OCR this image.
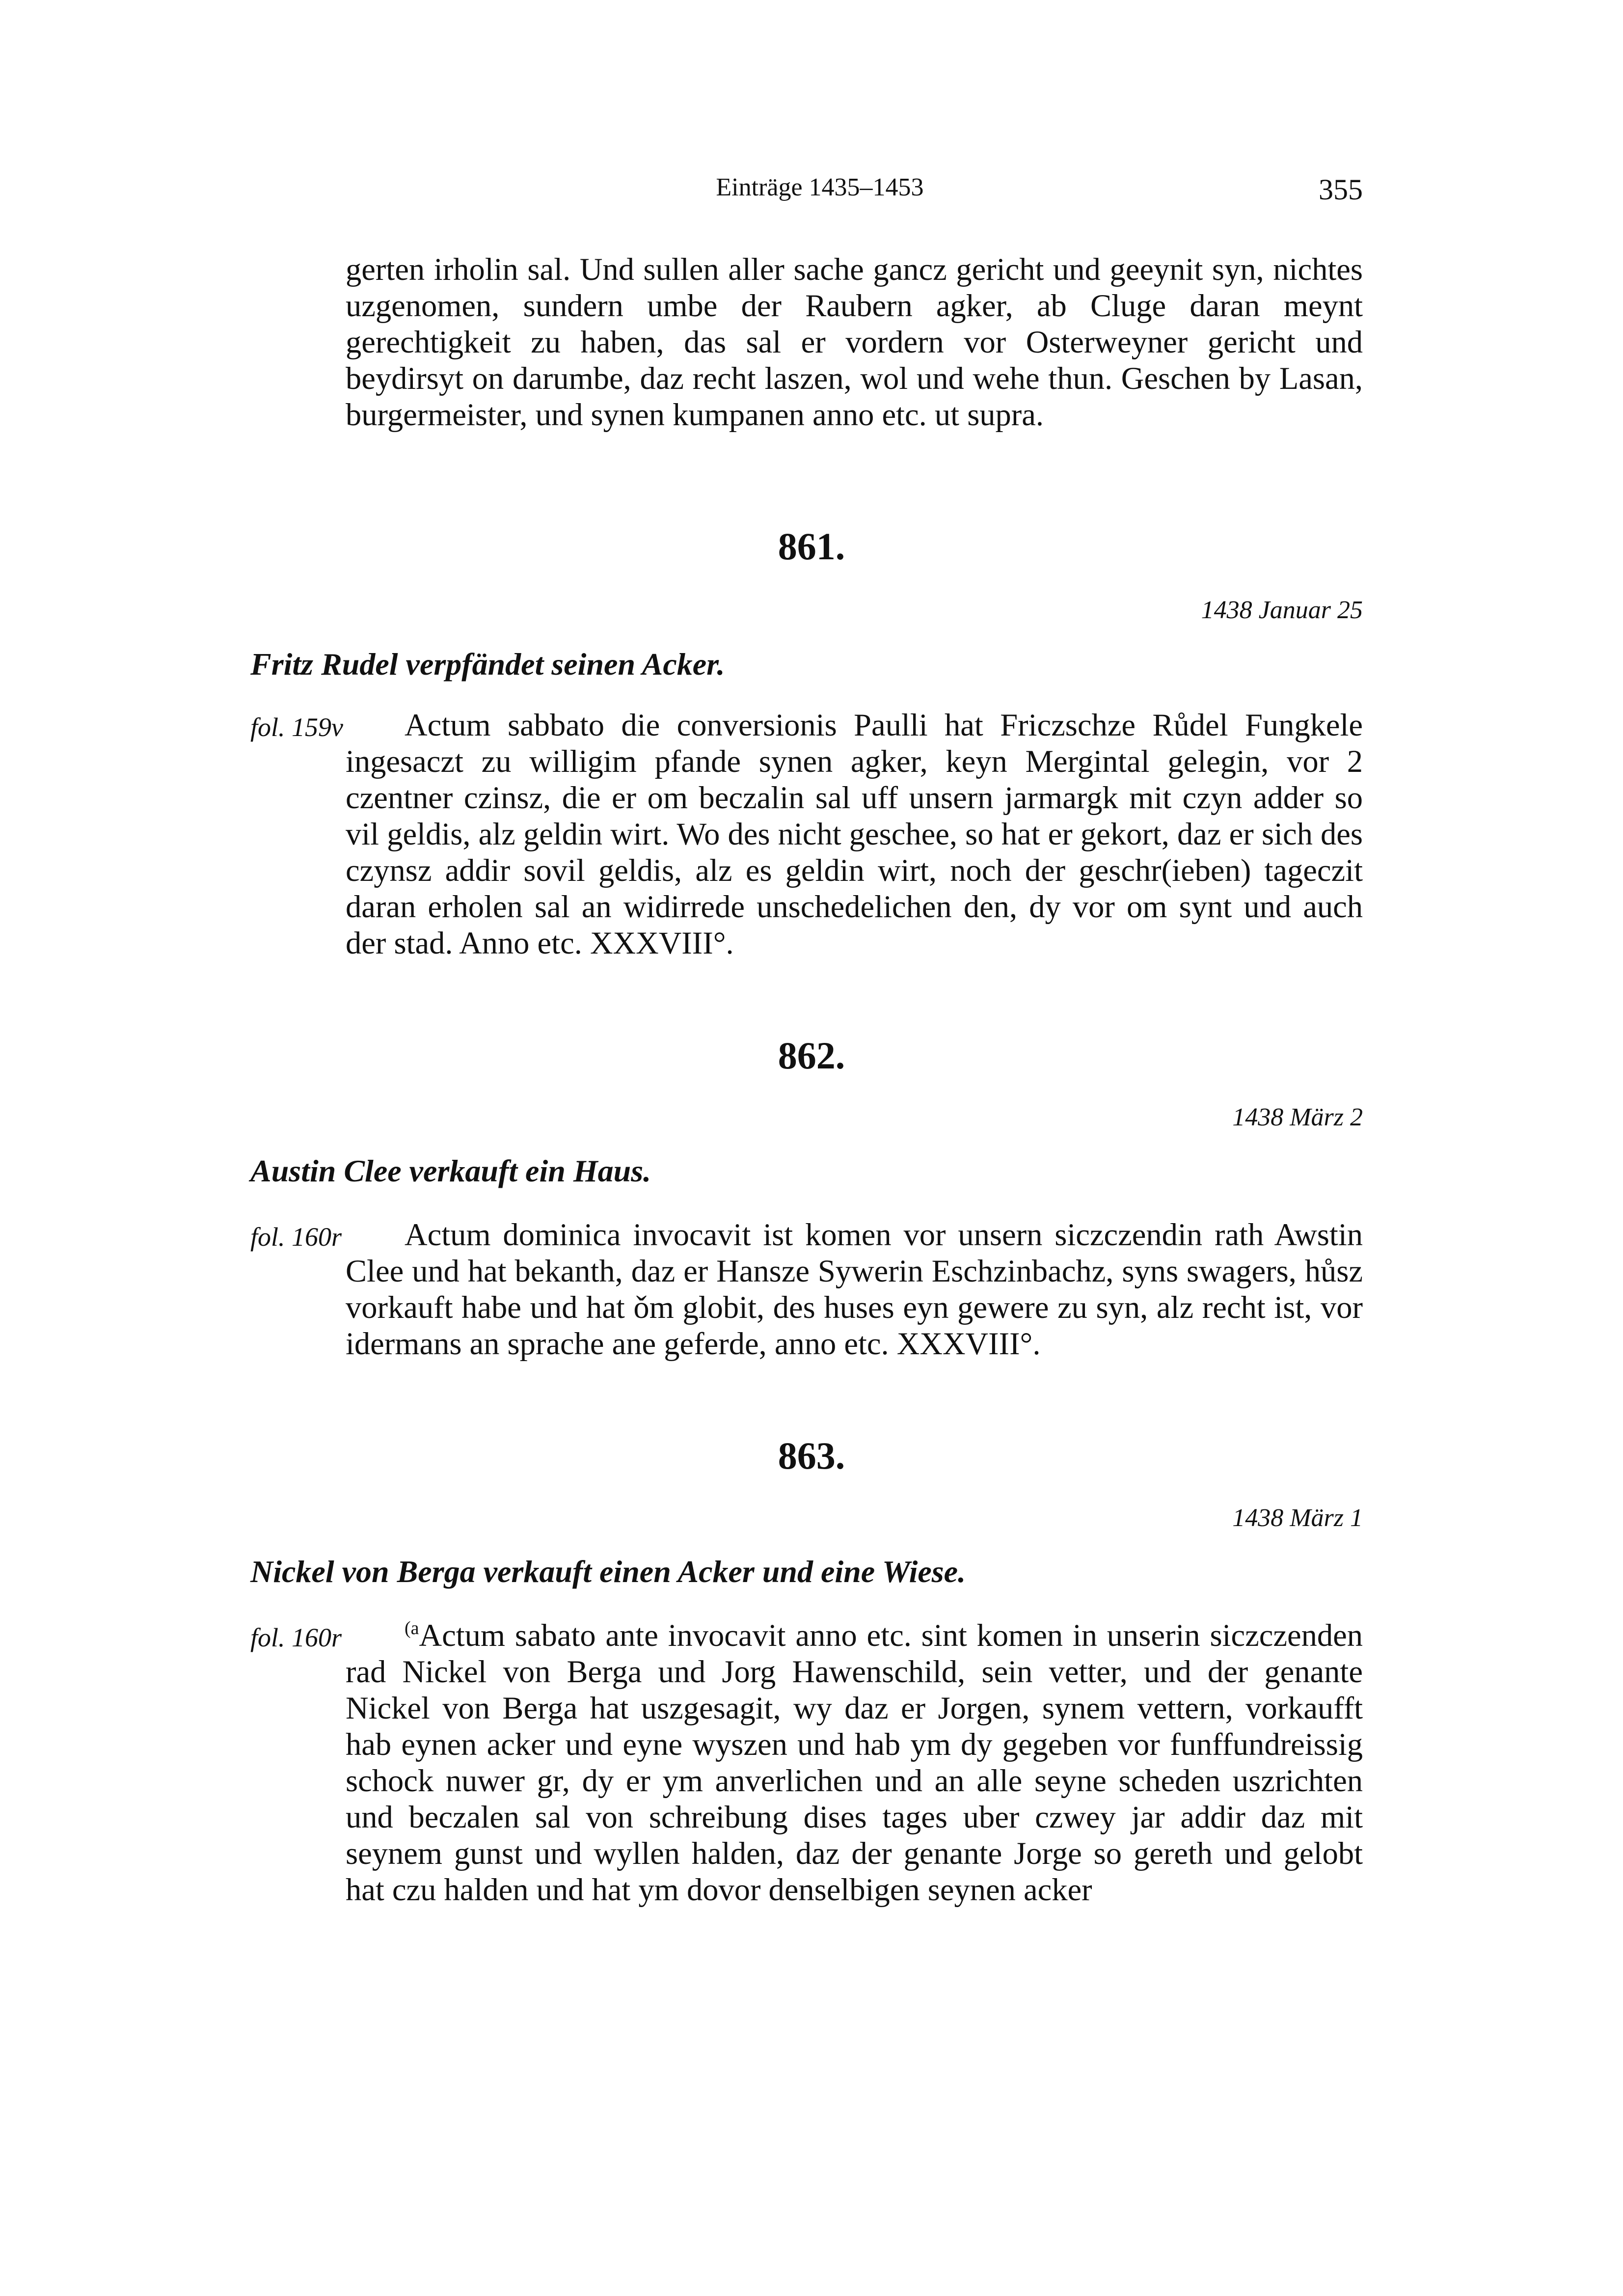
Einträge 1435–1453	355

gerten irholin sal. Und sullen aller sache gancz gericht und geeynit syn, nichtes uzgenomen, sundern umbe der Raubern agker, ab Cluge daran meynt gerechtigkeit zu haben, das sal er vordern vor Osterweyner gericht und beydirsyt on darumbe, daz recht laszen, wol und wehe thun. Geschen by Lasan, burgermeister, und synen kumpanen anno etc. ut supra.

861.
1438 Januar 25
Fritz Rudel verpfändet seinen Acker.
fol. 159v	Actum sabbato die conversionis Paulli hat Friczschze Růdel Fungkele ingesaczt zu willigim pfande synen agker, keyn Mergintal gelegin, vor 2 czentner czinsz, die er om beczalin sal uff unsern jarmargk mit czyn adder so vil geldis, alz geldin wirt. Wo des nicht geschee, so hat er gekort, daz er sich des czynsz addir sovil geldis, alz es geldin wirt, noch der geschr(ieben) tageczit daran erholen sal an widirrede unschedelichen den, dy vor om synt und auch der stad. Anno etc. XXXVIII°.

862.
1438 März 2
Austin Clee verkauft ein Haus.
fol. 160r	Actum dominica invocavit ist komen vor unsern siczczendin rath Awstin Clee und hat bekanth, daz er Hansze Sywerin Eschzinbachz, syns swagers, hůsz vorkauft habe und hat ǒm globit, des huses eyn gewere zu syn, alz recht ist, vor idermans an sprache ane geferde, anno etc. XXXVIII°.

863.
1438 März 1
Nickel von Berga verkauft einen Acker und eine Wiese.
fol. 160r	$^{(a}$Actum sabato ante invocavit anno etc. sint komen in unserin siczczenden rad Nickel von Berga und Jorg Hawenschild, sein vetter, und der genante Nickel von Berga hat uszgesagit, wy daz er Jorgen, synem vettern, vorkaufft hab eynen acker und eyne wyszen und hab ym dy gegeben vor funffundreissig schock nuwer gr, dy er ym anverlichen und an alle seyne scheden uszrichten und beczalen sal von schreibung dises tages uber czwey jar addir daz mit seynem gunst und wyllen halden, daz der genante Jorge so gereth und gelobt hat czu halden und hat ym dovor denselbigen seynen acker
